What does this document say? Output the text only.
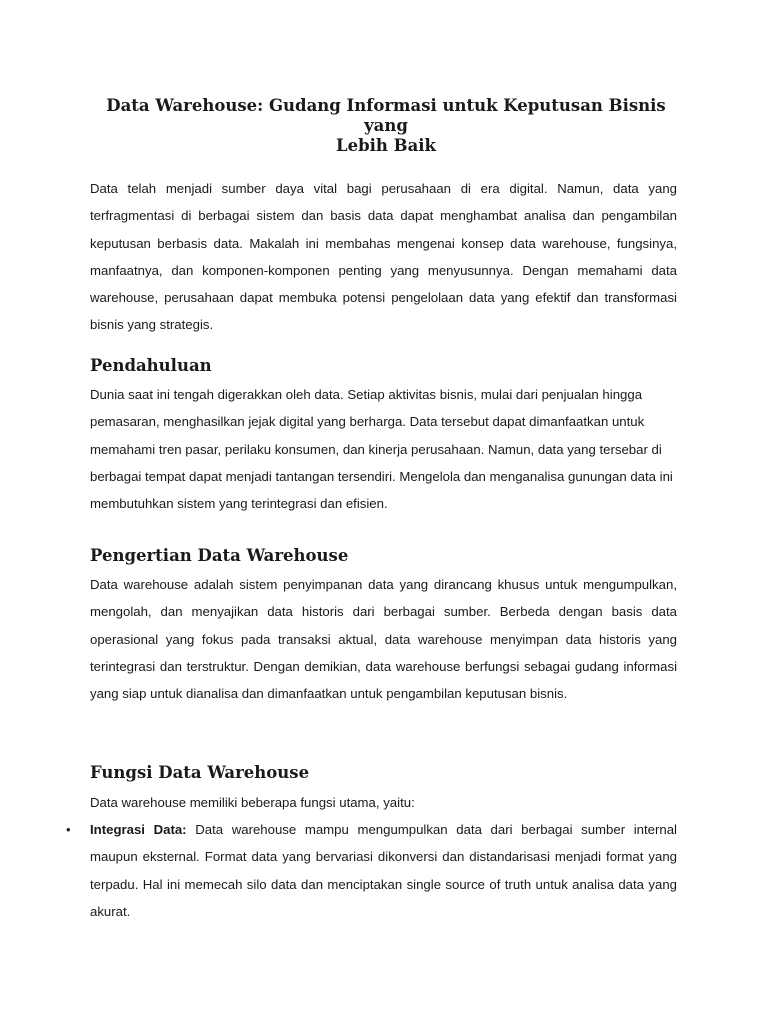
Data Warehouse: Gudang Informasi untuk Keputusan Bisnis yang
Lebih Baik

Data telah menjadi sumber daya vital bagi perusahaan di era digital. Namun, data yang terfragmentasi di berbagai sistem dan basis data dapat menghambat analisa dan pengambilan keputusan berbasis data. Makalah ini membahas mengenai konsep data warehouse, fungsinya, manfaatnya, dan komponen-komponen penting yang menyusunnya. Dengan memahami data warehouse, perusahaan dapat membuka potensi pengelolaan data yang efektif dan transformasi bisnis yang strategis.

Pendahuluan

Dunia saat ini tengah digerakkan oleh data. Setiap aktivitas bisnis, mulai dari penjualan hingga pemasaran, menghasilkan jejak digital yang berharga. Data tersebut dapat dimanfaatkan untuk memahami tren pasar, perilaku konsumen, dan kinerja perusahaan. Namun, data yang tersebar di berbagai tempat dapat menjadi tantangan tersendiri. Mengelola dan menganalisa gunungan data ini membutuhkan sistem yang terintegrasi dan efisien.

Pengertian Data Warehouse

Data warehouse adalah sistem penyimpanan data yang dirancang khusus untuk mengumpulkan, mengolah, dan menyajikan data historis dari berbagai sumber. Berbeda dengan basis data operasional yang fokus pada transaksi aktual, data warehouse menyimpan data historis yang terintegrasi dan terstruktur. Dengan demikian, data warehouse berfungsi sebagai gudang informasi yang siap untuk dianalisa dan dimanfaatkan untuk pengambilan keputusan bisnis.

Fungsi Data Warehouse

Data warehouse memiliki beberapa fungsi utama, yaitu:

• Integrasi Data: Data warehouse mampu mengumpulkan data dari berbagai sumber internal maupun eksternal. Format data yang bervariasi dikonversi dan distandarisasi menjadi format yang terpadu. Hal ini memecah silo data dan menciptakan single source of truth untuk analisa data yang akurat.
